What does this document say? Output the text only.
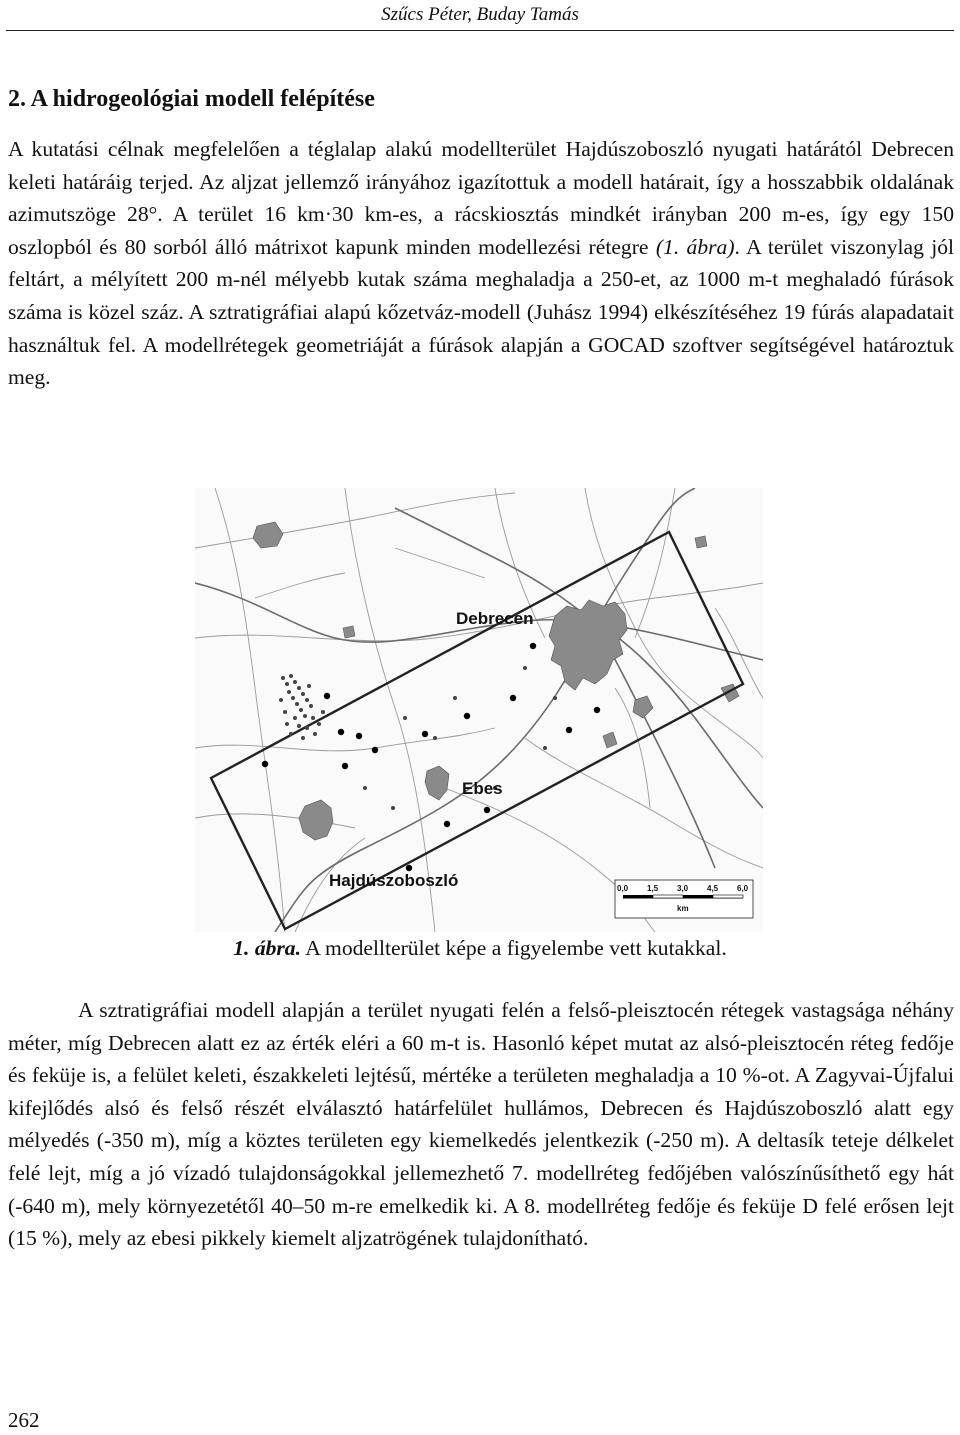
Szűcs Péter, Buday Tamás
2. A hidrogeológiai modell felépítése

A kutatási célnak megfelelően a téglalap alakú modellterület Hajdúszoboszló nyugati határától Debrecen keleti határáig terjed. Az aljzat jellemző irányához igazítottuk a modell határait, így a hosszabbik oldalának azimutszöge 28°. A terület 16 km·30 km-es, a rácskiosztás mindkét irányban 200 m-es, így egy 150 oszlopból és 80 sorból álló mátrixot kapunk minden modellezési rétegre (1. ábra). A terület viszonylag jól feltárt, a mélyített 200 m-nél mélyebb kutak száma meghaladja a 250-et, az 1000 m-t meghaladó fúrások száma is közel száz. A sztratigráfiai alapú kőzetváz-modell (Juhász 1994) elkészítéséhez 19 fúrás alapadatait használtuk fel. A modellrétegek geometriáját a fúrások alapján a GOCAD szoftver segítségével határoztuk meg.

Debrecen
Ebes
Hajdúszoboszló	0,0 1,5 3,0 4,5 6,0
km
1. ábra. A modellterület képe a figyelembe vett kutakkal.

A sztratigráfiai modell alapján a terület nyugati felén a felső-pleisztocén rétegek vastagsága néhány méter, míg Debrecen alatt ez az érték eléri a 60 m-t is. Hasonló képet mutat az alsó-pleisztocén réteg fedője és feküje is, a felület keleti, északkeleti lejtésű, mértéke a területen meghaladja a 10 %-ot. A Zagyvai-Újfalui kifejlődés alsó és felső részét elválasztó határfelület hullámos, Debrecen és Hajdúszoboszló alatt egy mélyedés (-350 m), míg a köztes területen egy kiemelkedés jelentkezik (-250 m). A deltasík teteje délkelet felé lejt, míg a jó vízadó tulajdonságokkal jellemezhető 7. modellréteg fedőjében valószínűsíthető egy hát (-640 m), mely környezetétől 40–50 m-re emelkedik ki. A 8. modellréteg fedője és feküje D felé erősen lejt (15 %), mely az ebesi pikkely kiemelt aljzatrögének tulajdonítható.

262
